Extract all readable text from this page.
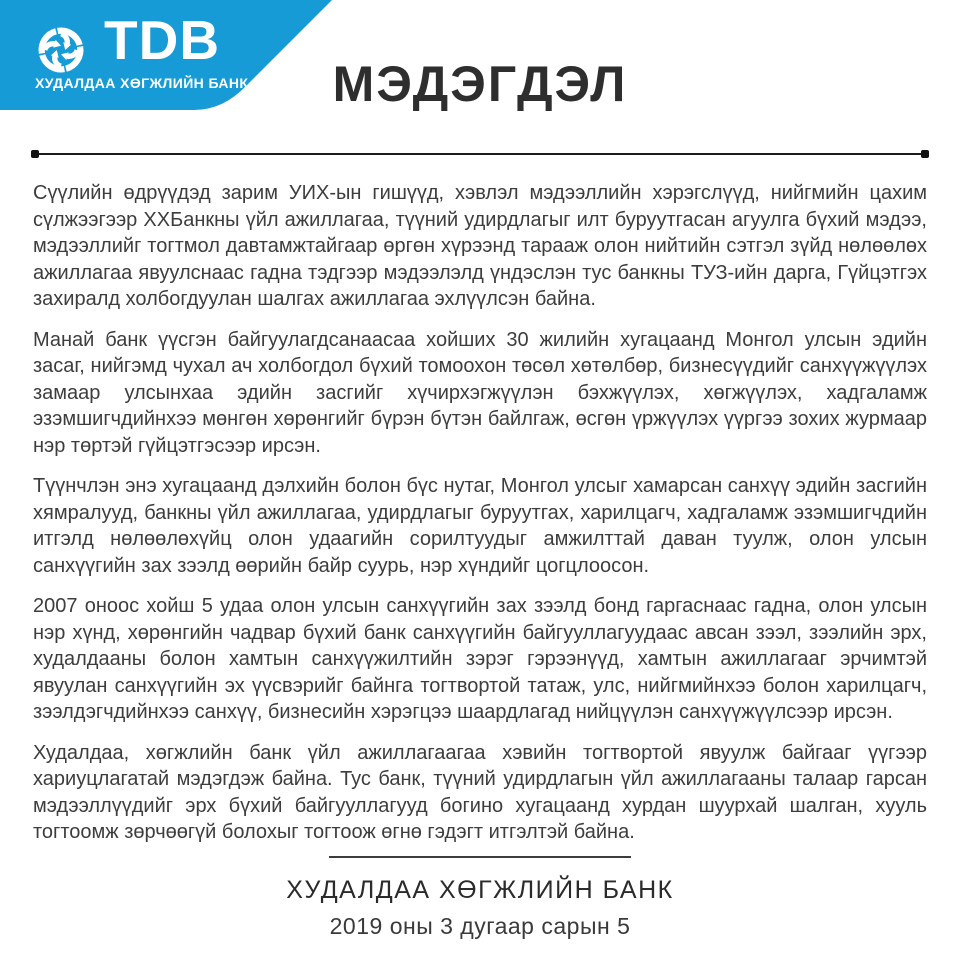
TDB
ХУДАЛДАА ХӨГЖЛИЙН БАНК	МЭДЭГДЭЛ

Сүүлийн өдрүүдэд зарим УИХ-ын гишүүд, хэвлэл мэдээллийн хэрэгслүүд, нийгмийн цахим сүлжээгээр ХХБанкны үйл ажиллагаа, түүний удирдлагыг илт буруутгасан агуулга бүхий мэдээ, мэдээллийг тогтмол давтамжтайгаар өргөн хүрээнд тарааж олон нийтийн сэтгэл зүйд нөлөөлөх ажиллагаа явуулснаас гадна тэдгээр мэдээлэлд үндэслэн тус банкны ТУЗ-ийн дарга, Гүйцэтгэх захиралд холбогдуулан шалгах ажиллагаа эхлүүлсэн байна.

Манай банк үүсгэн байгуулагдсанаасаа хойших 30 жилийн хугацаанд Монгол улсын эдийн засаг, нийгэмд чухал ач холбогдол бүхий томоохон төсөл хөтөлбөр, бизнесүүдийг санхүүжүүлэх замаар улсынхаа эдийн засгийг хүчирхэгжүүлэн бэхжүүлэх, хөгжүүлэх, хадгаламж эзэмшигчдийнхээ мөнгөн хөрөнгийг бүрэн бүтэн байлгаж, өсгөн үржүүлэх үүргээ зохих журмаар нэр төртэй гүйцэтгэсээр ирсэн.

Түүнчлэн энэ хугацаанд дэлхийн болон бүс нутаг, Монгол улсыг хамарсан санхүү эдийн засгийн хямралууд, банкны үйл ажиллагаа, удирдлагыг буруутгах, харилцагч, хадгаламж эзэмшигчдийн итгэлд нөлөөлөхүйц олон удаагийн сорилтуудыг амжилттай даван туулж, олон улсын санхүүгийн зах зээлд өөрийн байр суурь, нэр хүндийг цогцлоосон.

2007 оноос хойш 5 удаа олон улсын санхүүгийн зах зээлд бонд гаргаснаас гадна, олон улсын нэр хүнд, хөрөнгийн чадвар бүхий банк санхүүгийн байгууллагуудаас авсан зээл, зээлийн эрх, худалдааны болон хамтын санхүүжилтийн зэрэг гэрээнүүд, хамтын ажиллагааг эрчимтэй явуулан санхүүгийн эх үүсвэрийг байнга тогтвортой татаж, улс, нийгмийнхээ болон харилцагч, зээлдэгчдийнхээ санхүү, бизнесийн хэрэгцээ шаардлагад нийцүүлэн санхүүжүүлсээр ирсэн.

Худалдаа, хөгжлийн банк үйл ажиллагаагаа хэвийн тогтвортой явуулж байгааг үүгээр хариуцлагатай мэдэгдэж байна. Тус банк, түүний удирдлагын үйл ажиллагааны талаар гарсан мэдээллүүдийг эрх бүхий байгууллагууд богино хугацаанд хурдан шуурхай шалган, хууль тогтоомж зөрчөөгүй болохыг тогтоож өгнө гэдэгт итгэлтэй байна.

ХУДАЛДАА ХӨГЖЛИЙН БАНК
2019 оны 3 дугаар сарын 5
